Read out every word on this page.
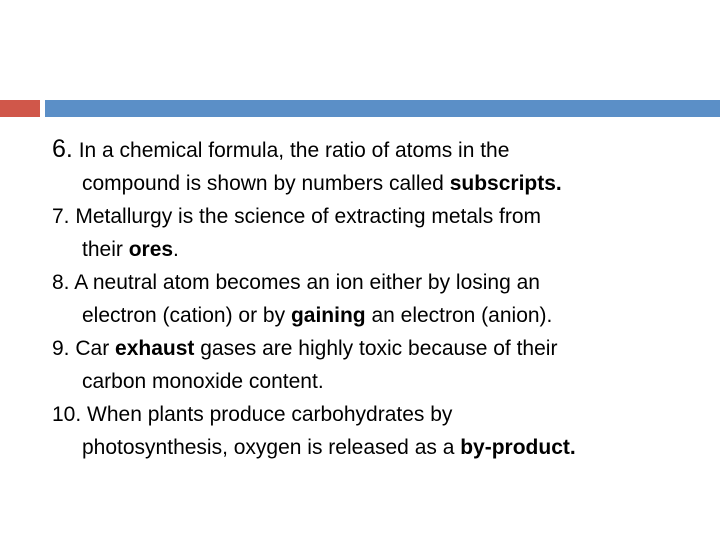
6. In a chemical formula, the ratio of atoms in the
compound is shown by numbers called subscripts.

7. Metallurgy is the science of extracting metals from
their ores.

8. A neutral atom becomes an ion either by losing an
electron (cation) or by gaining an electron (anion).

9. Car exhaust gases are highly toxic because of their
carbon monoxide content.

10. When plants produce carbohydrates by
photosynthesis, oxygen is released as a by-product.
